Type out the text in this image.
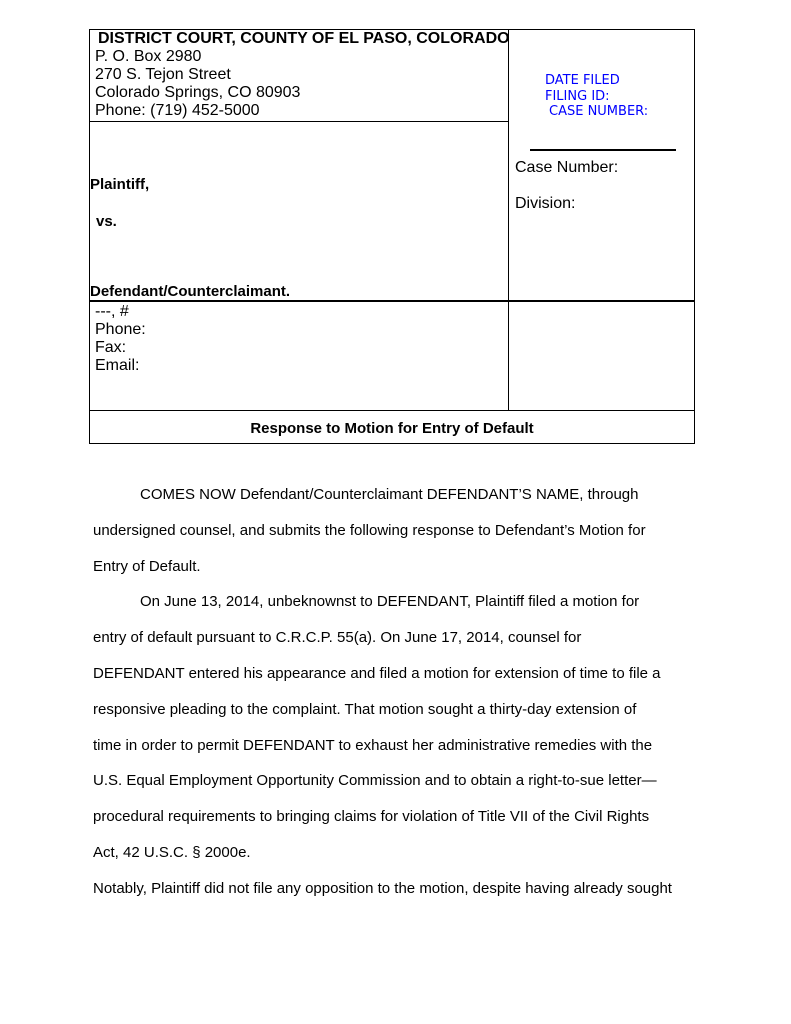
DISTRICT COURT, COUNTY OF EL PASO, COLORADO
P. O. Box 2980
270 S. Tejon Street
Colorado Springs, CO 80903
Phone: (719) 452-5000
DATE FILED
FILING ID:
CASE NUMBER:
Case Number:
Division:
Plaintiff,
vs.
Defendant/Counterclaimant.
---, #
Phone:
Fax:
Email:
Response to Motion for Entry of Default
COMES NOW Defendant/Counterclaimant DEFENDANT’S NAME, through
undersigned counsel, and submits the following response to Defendant’s Motion for
Entry of Default.
On June 13, 2014, unbeknownst to DEFENDANT, Plaintiff filed a motion for
entry of default pursuant to C.R.C.P. 55(a). On June 17, 2014, counsel for
DEFENDANT entered his appearance and filed a motion for extension of time to file a
responsive pleading to the complaint. That motion sought a thirty-day extension of
time in order to permit DEFENDANT to exhaust her administrative remedies with the
U.S. Equal Employment Opportunity Commission and to obtain a right-to-sue letter—
procedural requirements to bringing claims for violation of Title VII of the Civil Rights
Act, 42 U.S.C. § 2000e.
Notably, Plaintiff did not file any opposition to the motion, despite having already sought
